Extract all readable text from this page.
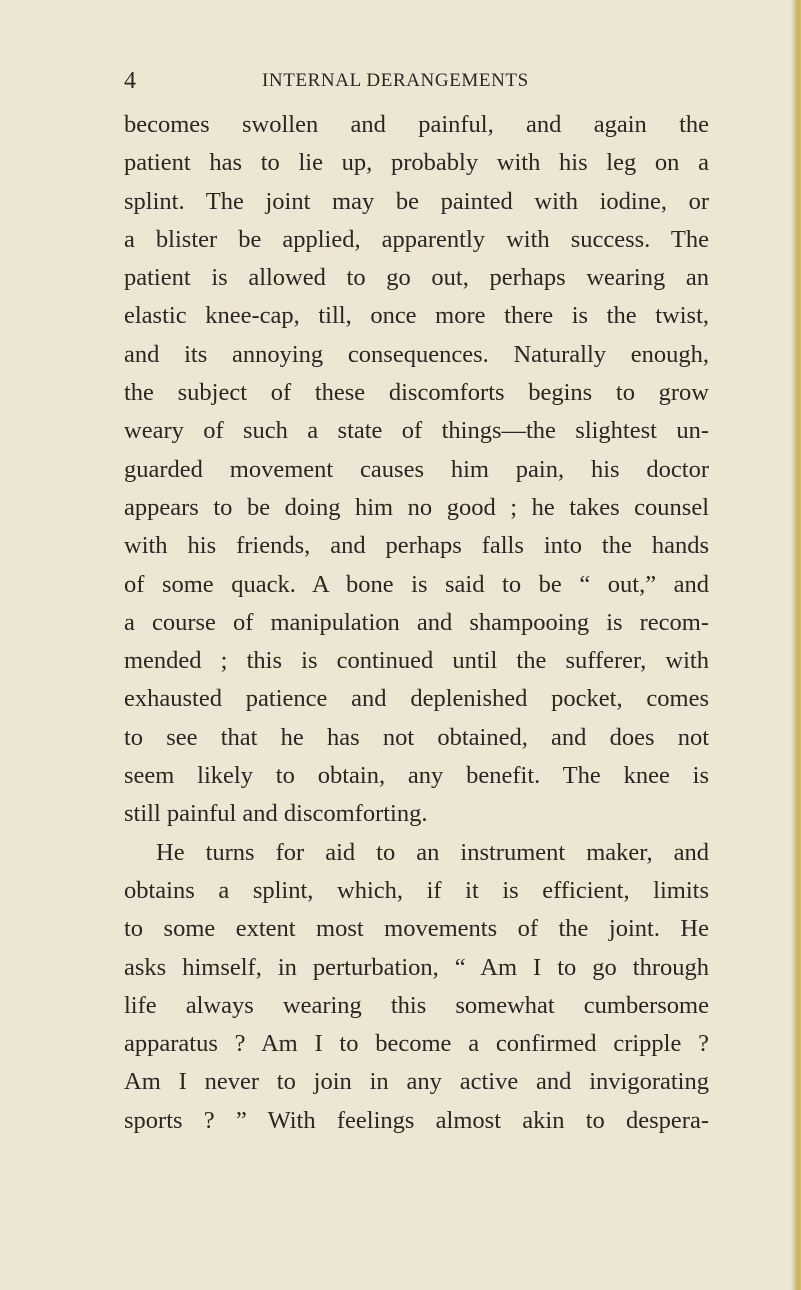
4	INTERNAL DERANGEMENTS
becomes swollen and painful, and again the
patient has to lie up, probably with his leg on a
splint. The joint may be painted with iodine, or
a blister be applied, apparently with success. The
patient is allowed to go out, perhaps wearing an
elastic knee-cap, till, once more there is the twist,
and its annoying consequences. Naturally enough,
the subject of these discomforts begins to grow
weary of such a state of things—the slightest un-
guarded movement causes him pain, his doctor
appears to be doing him no good ; he takes counsel
with his friends, and perhaps falls into the hands
of some quack. A bone is said to be “ out,” and
a course of manipulation and shampooing is recom-
mended ; this is continued until the sufferer, with
exhausted patience and deplenished pocket, comes
to see that he has not obtained, and does not
seem likely to obtain, any benefit. The knee is
still painful and discomforting.
He turns for aid to an instrument maker, and
obtains a splint, which, if it is efficient, limits
to some extent most movements of the joint. He
asks himself, in perturbation, “ Am I to go through
life always wearing this somewhat cumbersome
apparatus ? Am I to become a confirmed cripple ?
Am I never to join in any active and invigorating
sports ? ” With feelings almost akin to despera-
